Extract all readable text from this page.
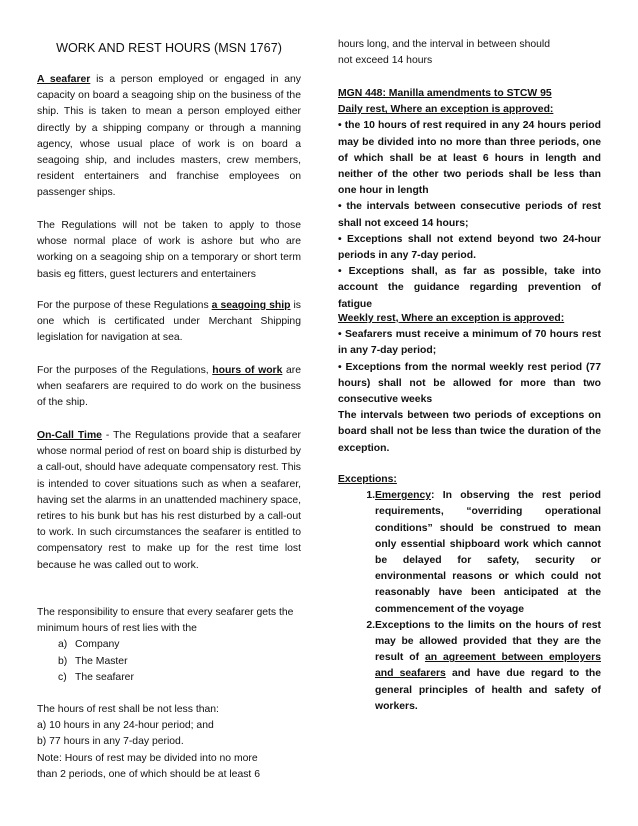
WORK AND REST HOURS (MSN 1767)

A seafarer is a person employed or engaged in any capacity on board a seagoing ship on the business of the ship. This is taken to mean a person employed either directly by a shipping company or through a manning agency, whose usual place of work is on board a seagoing ship, and includes masters, crew members, resident entertainers and franchise employees on passenger ships.

The Regulations will not be taken to apply to those whose normal place of work is ashore but who are working on a seagoing ship on a temporary or short term basis eg fitters, guest lecturers and entertainers

For the purpose of these Regulations a seagoing ship is one which is certificated under Merchant Shipping legislation for navigation at sea.

For the purposes of the Regulations, hours of work are when seafarers are required to do work on the business of the ship.

On-Call Time - The Regulations provide that a seafarer whose normal period of rest on board ship is disturbed by a call-out, should have adequate compensatory rest. This is intended to cover situations such as when a seafarer, having set the alarms in an unattended machinery space, retires to his bunk but has his rest disturbed by a call-out to work. In such circumstances the seafarer is entitled to compensatory rest to make up for the rest time lost because he was called out to work.

The responsibility to ensure that every seafarer gets the minimum hours of rest lies with the

a) Company
b) The Master
c) The seafarer

The hours of rest shall be not less than:

a) 10 hours in any 24-hour period; and

b) 77 hours in any 7-day period.

Note: Hours of rest may be divided into no more

than 2 periods, one of which should be at least 6

hours long, and the interval in between should

not exceed 14 hours

MGN 448: Manilla amendments to STCW 95

Daily rest, Where an exception is approved:

• the 10 hours of rest required in any 24 hours period may be divided into no more than three periods, one of which shall be at least 6 hours in length and neither of the other two periods shall be less than one hour in length

• the intervals between consecutive periods of rest shall not exceed 14 hours;

• Exceptions shall not extend beyond two 24-hour periods in any 7-day period.

• Exceptions shall, as far as possible, take into account the guidance regarding prevention of fatigue

Weekly rest, Where an exception is approved:

• Seafarers must receive a minimum of 70 hours rest in any 7-day period;

• Exceptions from the normal weekly rest period (77 hours) shall not be allowed for more than two consecutive weeks

The intervals between two periods of exceptions on board shall not be less than twice the duration of the exception.

Exceptions:

1. Emergency: In observing the rest period requirements, “overriding operational conditions” should be construed to mean only essential shipboard work which cannot be delayed for safety, security or environmental reasons or which could not reasonably have been anticipated at the commencement of the voyage
2. Exceptions to the limits on the hours of rest may be allowed provided that they are the result of an agreement between employers and seafarers and have due regard to the general principles of health and safety of workers.
